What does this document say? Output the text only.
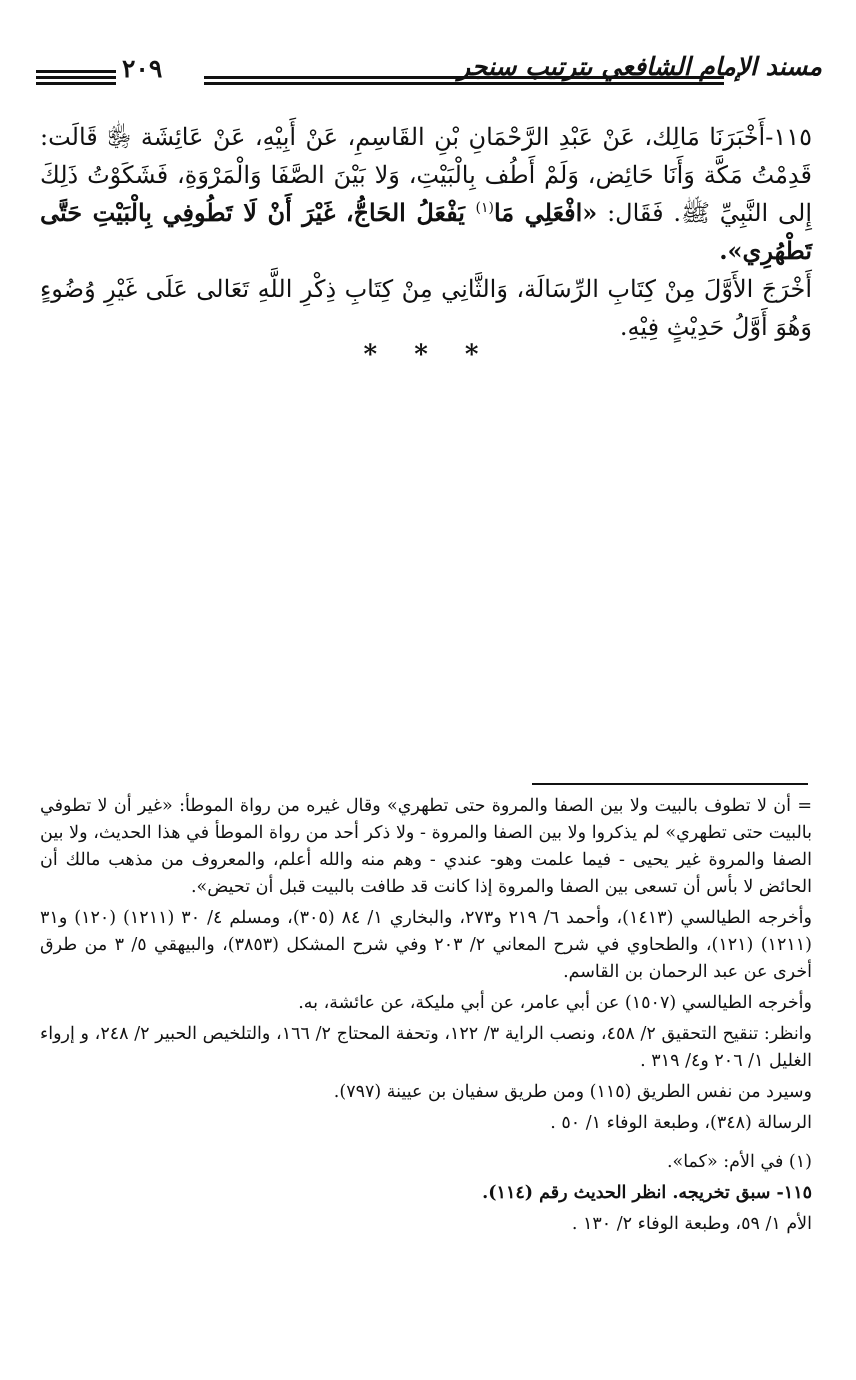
٢٠٩	مسند الإمام الشافعي بترتيب سنجر

١١٥-أَخْبَرَنَا مَالِك، عَنْ عَبْدِ الرَّحْمَانِ بْنِ القَاسِمِ، عَنْ أَبِيْهِ، عَنْ عَائِشَة ﵂ قَالَت: قَدِمْتُ مَكَّة وَأَنَا حَائِض، وَلَمْ أَطُف بِالْبَيْتِ، وَلا بَيْنَ الصَّفَا وَالْمَرْوَةِ، فَشَكَوْتُ ذَلِكَ إِلى النَّبِيِّ ﷺ. فَقَال: «افْعَلِي مَا$^{(١)}$ يَفْعَلُ الحَاجُّ، غَيْرَ أَنْ لَا تَطُوفِي بِالْبَيْتِ حَتَّى تَطْهُرِي».

أَخْرَجَ الأَوَّلَ مِنْ كِتَابِ الرِّسَالَة، وَالثَّانِي مِنْ كِتَابِ ذِكْرِ اللَّهِ تَعَالى عَلَى غَيْرِ وُضُوءٍ وَهُوَ أَوَّلُ حَدِيْثٍ فِيْهِ.

* * *

= أن لا تطوف بالبيت ولا بين الصفا والمروة حتى تطهري» وقال غيره من رواة الموطأ: «غير أن لا تطوفي بالبيت حتى تطهري» لم يذكروا ولا بين الصفا والمروة - ولا ذكر أحد من رواة الموطأ في هذا الحديث، ولا بين الصفا والمروة غير يحيى - فيما علمت وهو- عندي - وهم منه والله أعلم، والمعروف من مذهب مالك أن الحائض لا بأس أن تسعى بين الصفا والمروة إذا كانت قد طافت بالبيت قبل أن تحيض».

وأخرجه الطيالسي (١٤١٣)، وأحمد ٦/ ٢١٩ و٢٧٣، والبخاري ١/ ٨٤ (٣٠٥)، ومسلم ٤/ ٣٠ (١٢١١) (١٢٠) و٣١ (١٢١١) (١٢١)، والطحاوي في شرح المعاني ٢/ ٢٠٣ وفي شرح المشكل (٣٨٥٣)، والبيهقي ٥/ ٣ من طرق أخرى عن عبد الرحمان بن القاسم.

وأخرجه الطيالسي (١٥٠٧) عن أبي عامر، عن أبي مليكة، عن عائشة، به.

وانظر: تنقيح التحقيق ٢/ ٤٥٨، ونصب الراية ٣/ ١٢٢، وتحفة المحتاج ٢/ ١٦٦، والتلخيص الحبير ٢/ ٢٤٨، و إرواء الغليل ١/ ٢٠٦ و٤/ ٣١٩ .

وسيرد من نفس الطريق (١١٥) ومن طريق سفيان بن عيينة (٧٩٧).

الرسالة (٣٤٨)، وطبعة الوفاء ١/ ٥٠ .

(١) في الأم: «كما».

١١٥- سبق تخريجه. انظر الحديث رقم (١١٤).

الأم ١/ ٥٩، وطبعة الوفاء ٢/ ١٣٠ .
